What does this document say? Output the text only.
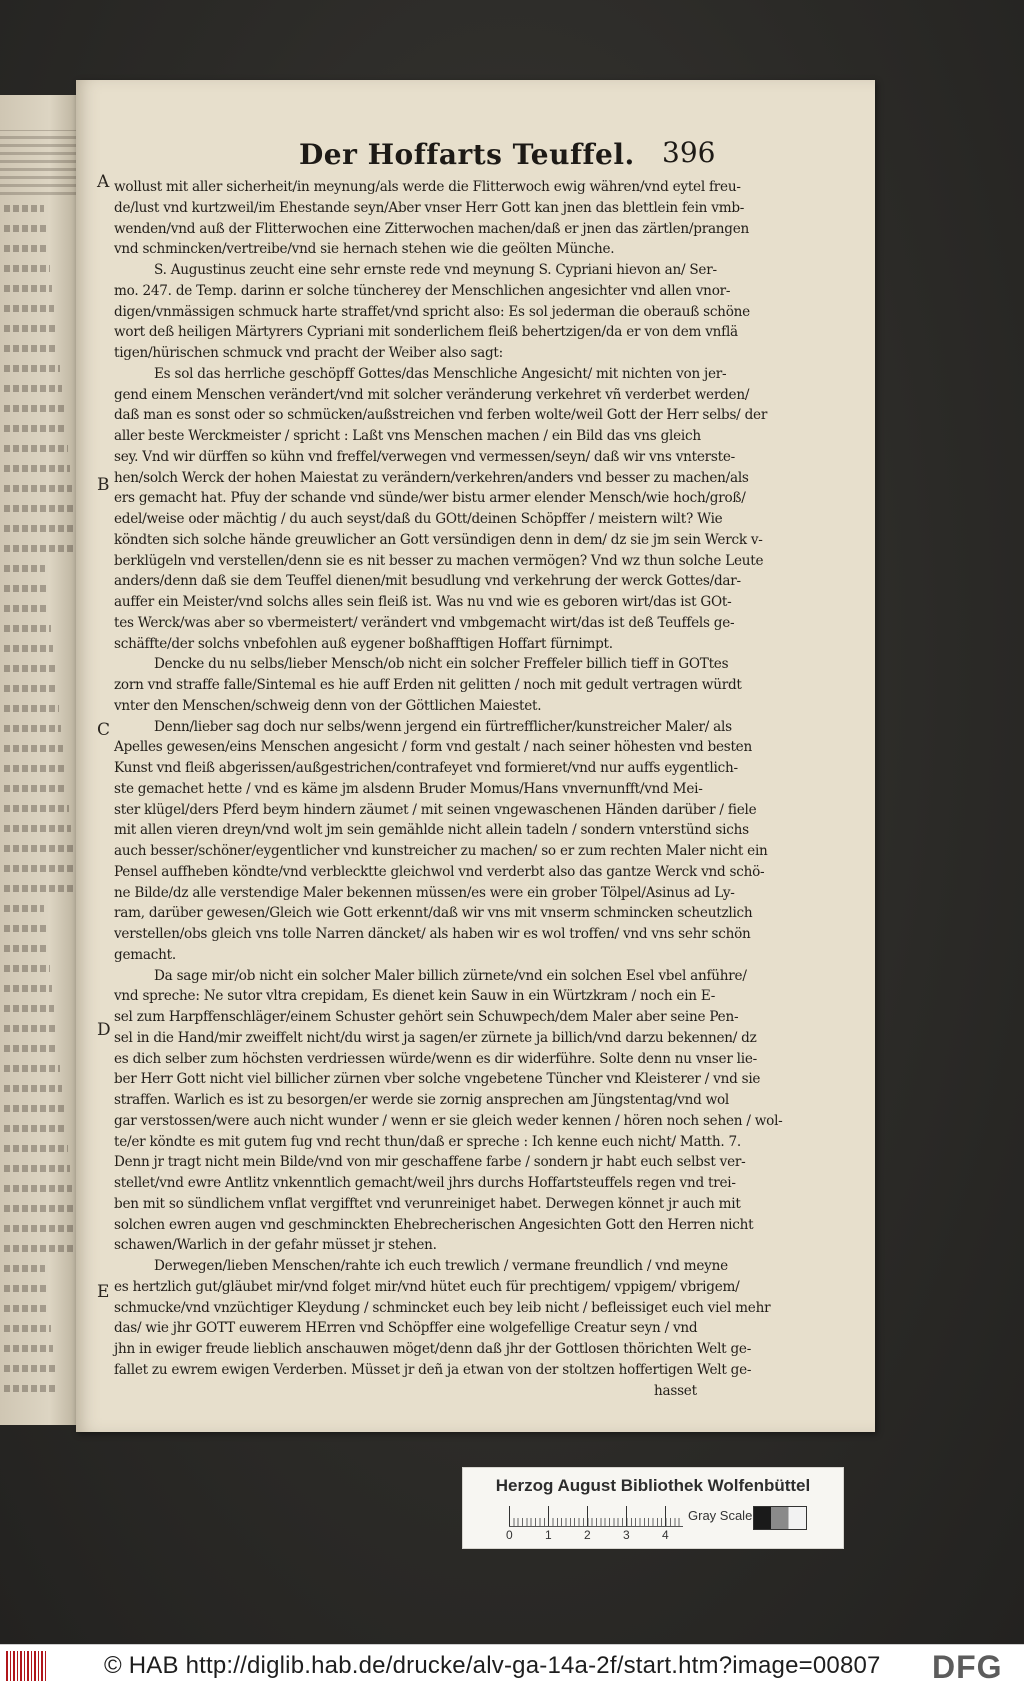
Der Hoffarts Teuffel. 396
wollust mit aller sicherheit/in meynung/als werde die Flitterwoch ewig währen/vnd eytel freu-
de/lust vnd kurtzweil/im Ehestande seyn/Aber vnser Herr Gott kan jnen das blettlein fein vmb-
wenden/vnd auß der Flitterwochen eine Zitterwochen machen/daß er jnen das zärtlen/prangen
vnd schmincken/vertreibe/vnd sie hernach stehen wie die geölten Münche.
S. Augustinus zeucht eine sehr ernste rede vnd meynung S. Cypriani hievon an/ Ser-
mo. 247. de Temp. darinn er solche tüncherey der Menschlichen angesichter vnd allen vnor-
digen/vnmässigen schmuck harte straffet/vnd spricht also: Es sol jederman die oberauß schöne
wort deß heiligen Märtyrers Cypriani mit sonderlichem fleiß behertzigen/da er von dem vnflä
tigen/hürischen schmuck vnd pracht der Weiber also sagt:
Es sol das herrliche geschöpff Gottes/das Menschliche Angesicht/ mit nichten von jer-
gend einem Menschen verändert/vnd mit solcher veränderung verkehret vñ verderbet werden/
daß man es sonst oder so schmücken/außstreichen vnd ferben wolte/weil Gott der Herr selbs/ der
aller beste Werckmeister / spricht : Laßt vns Menschen machen / ein Bild das vns gleich
sey. Vnd wir dürffen so kühn vnd freffel/verwegen vnd vermessen/seyn/ daß wir vns vnterste-
hen/solch Werck der hohen Maiestat zu verändern/verkehren/anders vnd besser zu machen/als
ers gemacht hat. Pfuy der schande vnd sünde/wer bistu armer elender Mensch/wie hoch/groß/
edel/weise oder mächtig / du auch seyst/daß du GOtt/deinen Schöpffer / meistern wilt? Wie
köndten sich solche hände greuwlicher an Gott versündigen denn in dem/ dz sie jm sein Werck v-
berklügeln vnd verstellen/denn sie es nit besser zu machen vermögen? Vnd wz thun solche Leute
anders/denn daß sie dem Teuffel dienen/mit besudlung vnd verkehrung der werck Gottes/dar-
auffer ein Meister/vnd solchs alles sein fleiß ist. Was nu vnd wie es geboren wirt/das ist GOt-
tes Werck/was aber so vbermeistert/ verändert vnd vmbgemacht wirt/das ist deß Teuffels ge-
schäffte/der solchs vnbefohlen auß eygener boßhafftigen Hoffart fürnimpt.
Dencke du nu selbs/lieber Mensch/ob nicht ein solcher Freffeler billich tieff in GOTtes
zorn vnd straffe falle/Sintemal es hie auff Erden nit gelitten / noch mit gedult vertragen würdt
vnter den Menschen/schweig denn von der Göttlichen Maiestet.
Denn/lieber sag doch nur selbs/wenn jergend ein fürtrefflicher/kunstreicher Maler/ als
Apelles gewesen/eins Menschen angesicht / form vnd gestalt / nach seiner höhesten vnd besten
Kunst vnd fleiß abgerissen/außgestrichen/contrafeyet vnd formieret/vnd nur auffs eygentlich-
ste gemachet hette / vnd es käme jm alsdenn Bruder Momus/Hans vnvernunfft/vnd Mei-
ster klügel/ders Pferd beym hindern zäumet / mit seinen vngewaschenen Händen darüber / fiele
mit allen vieren dreyn/vnd wolt jm sein gemählde nicht allein tadeln / sondern vnterstünd sichs
auch besser/schöner/eygentlicher vnd kunstreicher zu machen/ so er zum rechten Maler nicht ein
Pensel auffheben köndte/vnd verblecktte gleichwol vnd verderbt also das gantze Werck vnd schö-
ne Bilde/dz alle verstendige Maler bekennen müssen/es were ein grober Tölpel/Asinus ad Ly-
ram, darüber gewesen/Gleich wie Gott erkennt/daß wir vns mit vnserm schmincken scheutzlich
verstellen/obs gleich vns tolle Narren däncket/ als haben wir es wol troffen/ vnd vns sehr schön
gemacht.
Da sage mir/ob nicht ein solcher Maler billich zürnete/vnd ein solchen Esel vbel anführe/
vnd spreche: Ne sutor vltra crepidam, Es dienet kein Sauw in ein Würtzkram / noch ein E-
sel zum Harpffenschläger/einem Schuster gehört sein Schuwpech/dem Maler aber seine Pen-
sel in die Hand/mir zweiffelt nicht/du wirst ja sagen/er zürnete ja billich/vnd darzu bekennen/ dz
es dich selber zum höchsten verdriessen würde/wenn es dir widerführe. Solte denn nu vnser lie-
ber Herr Gott nicht viel billicher zürnen vber solche vngebetene Tüncher vnd Kleisterer / vnd sie
straffen. Warlich es ist zu besorgen/er werde sie zornig ansprechen am Jüngstentag/vnd wol
gar verstossen/were auch nicht wunder / wenn er sie gleich weder kennen / hören noch sehen / wol-
te/er köndte es mit gutem fug vnd recht thun/daß er spreche : Ich kenne euch nicht/ Matth. 7.
Denn jr tragt nicht mein Bilde/vnd von mir geschaffene farbe / sondern jr habt euch selbst ver-
stellet/vnd ewre Antlitz vnkenntlich gemacht/weil jhrs durchs Hoffartsteuffels regen vnd trei-
ben mit so sündlichem vnflat vergifftet vnd verunreiniget habet. Derwegen könnet jr auch mit
solchen ewren augen vnd geschminckten Ehebrecherischen Angesichten Gott den Herren nicht
schawen/Warlich in der gefahr müsset jr stehen.
Derwegen/lieben Menschen/rahte ich euch trewlich / vermane freundlich / vnd meyne
es hertzlich gut/gläubet mir/vnd folget mir/vnd hütet euch für prechtigem/ vppigem/ vbrigem/
schmucke/vnd vnzüchtiger Kleydung / schmincket euch bey leib nicht / befleissiget euch viel mehr
das/ wie jhr GOTT euwerem HErren vnd Schöpffer eine wolgefellige Creatur seyn / vnd
jhn in ewiger freude lieblich anschauwen möget/denn daß jhr der Gottlosen thörichten Welt ge-
fallet zu ewrem ewigen Verderben. Müsset jr deñ ja etwan von der stoltzen hoffertigen Welt ge-
hasset
A
B
C
D
E
Herzog August Bibliothek Wolfenbüttel
Gray Scale
0	1	2	3	4
© HAB http://diglib.hab.de/drucke/alv-ga-14a-2f/start.htm?image=00807 DFG
